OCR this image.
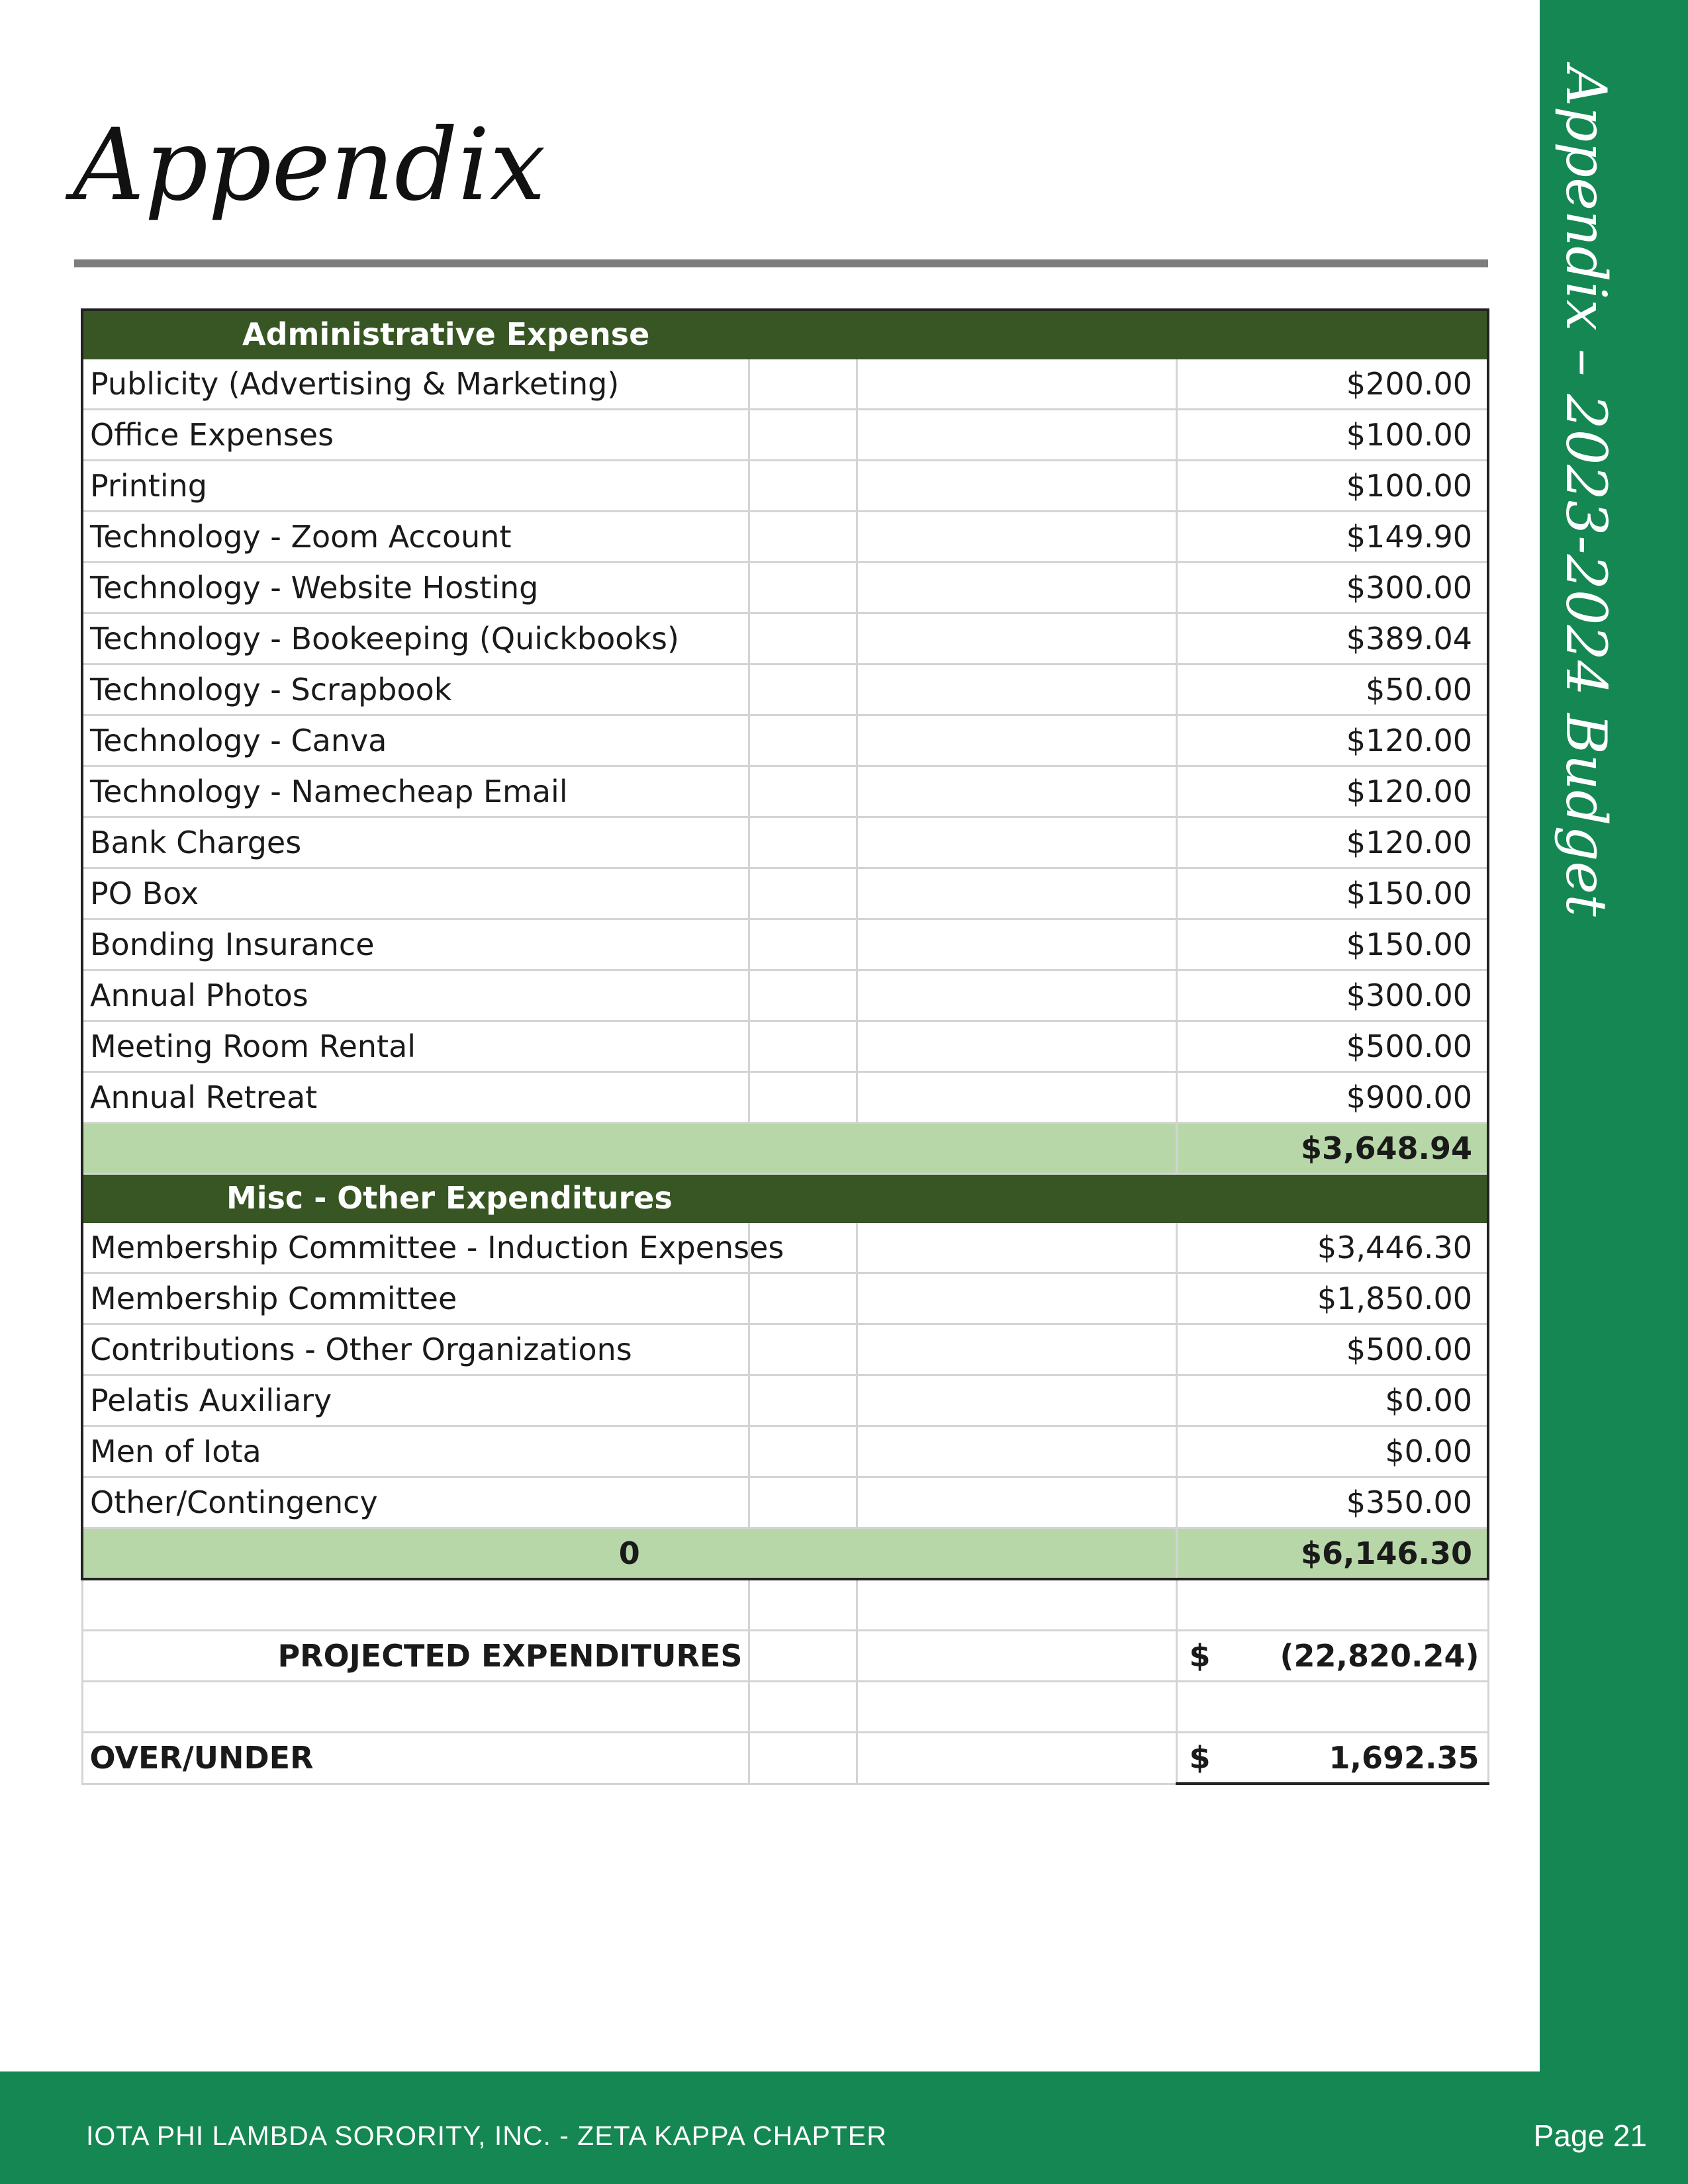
Appendix – 2023-2024 Budget
Appendix
Administrative Expense			
Publicity (Advertising & Marketing)			$200.00
Office Expenses			$100.00
Printing			$100.00
Technology - Zoom Account			$149.90
Technology - Website Hosting			$300.00
Technology - Bookeeping (Quickbooks)			$389.04
Technology - Scrapbook			$50.00
Technology - Canva			$120.00
Technology - Namecheap Email			$120.00
Bank Charges			$120.00
PO Box			$150.00
Bonding Insurance			$150.00
Annual Photos			$300.00
Meeting Room Rental			$500.00
Annual Retreat			$900.00
			$3,648.94
Misc - Other Expenditures			
Membership Committee - Induction Expenses			$3,446.30
Membership Committee			$1,850.00
Contributions - Other Organizations			$500.00
Pelatis Auxiliary			$0.00
Men of Iota			$0.00
Other/Contingency			$350.00
0			$6,146.30

PROJECTED EXPENDITURES			$ (22,820.24)

OVER/UNDER			$ 1,692.35
IOTA PHI LAMBDA SORORITY, INC. - ZETA KAPPA CHAPTER	Page 21
